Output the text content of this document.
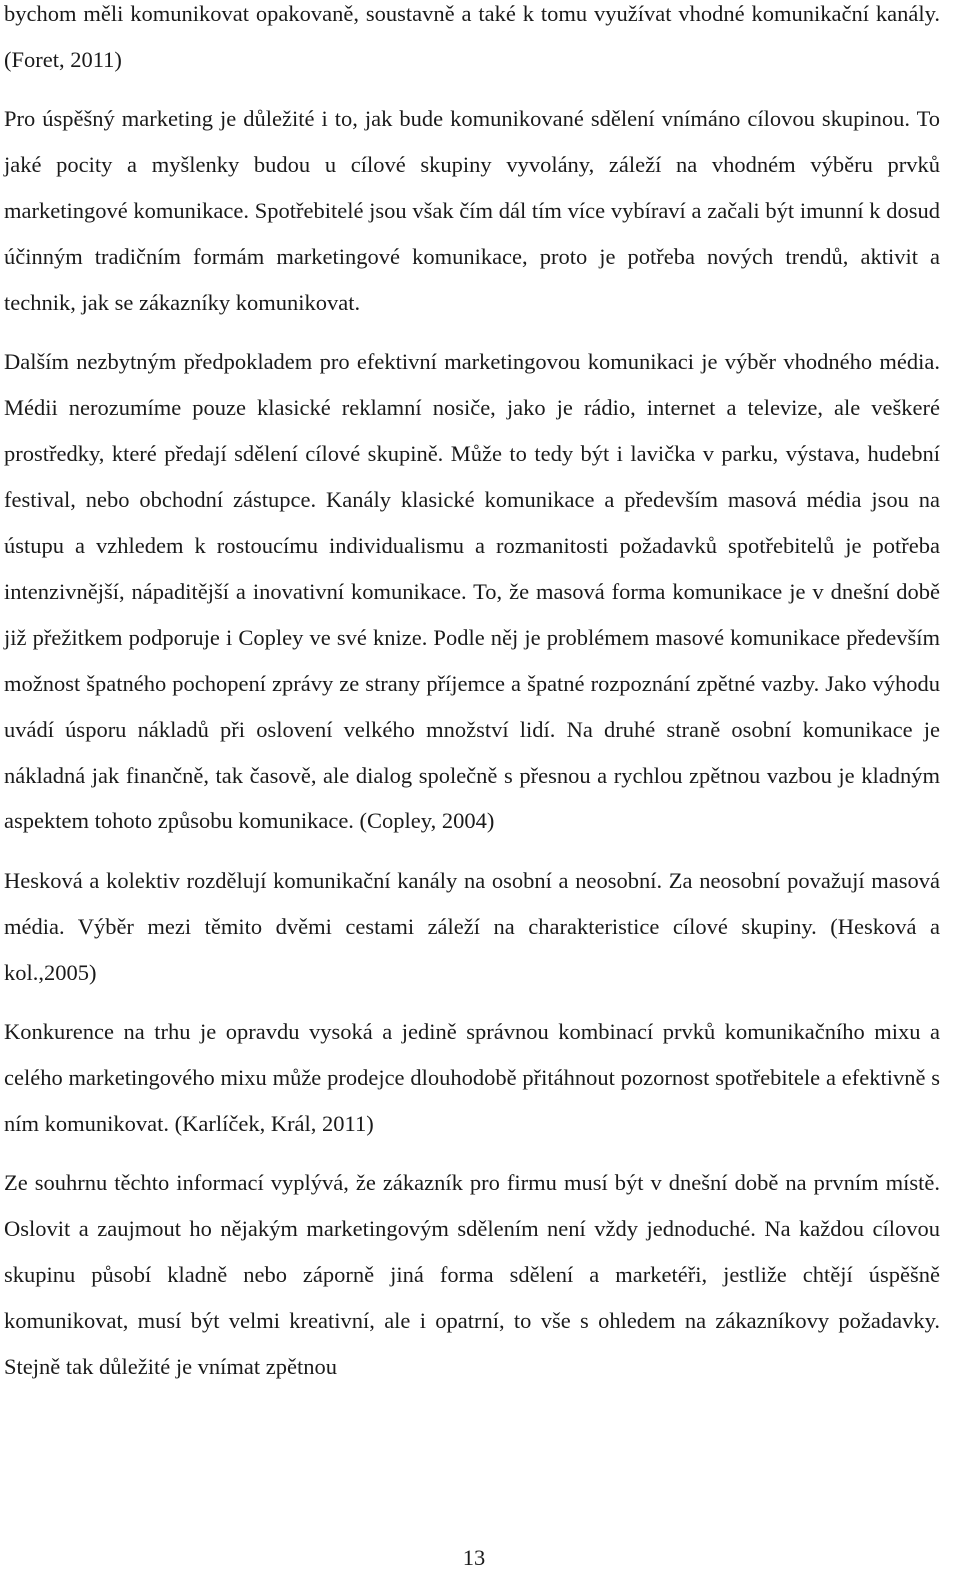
bychom měli komunikovat opakovaně, soustavně a také k tomu využívat vhodné komunikační kanály. (Foret, 2011)

Pro úspěšný marketing je důležité i to, jak bude komunikované sdělení vnímáno cílovou skupinou. To jaké pocity a myšlenky budou u cílové skupiny vyvolány, záleží na vhodném výběru prvků marketingové komunikace. Spotřebitelé jsou však čím dál tím více vybíraví a začali být imunní k dosud účinným tradičním formám marketingové komunikace, proto je potřeba nových trendů, aktivit a technik, jak se zákazníky komunikovat.

Dalším nezbytným předpokladem pro efektivní marketingovou komunikaci je výběr vhodného média. Médii nerozumíme pouze klasické reklamní nosiče, jako je rádio, internet a televize, ale veškeré prostředky, které předají sdělení cílové skupině. Může to tedy být i lavička v parku, výstava, hudební festival, nebo obchodní zástupce. Kanály klasické komunikace a především masová média jsou na ústupu a vzhledem k rostoucímu individualismu a rozmanitosti požadavků spotřebitelů je potřeba intenzivnější, nápaditější a inovativní komunikace. To, že masová forma komunikace je v dnešní době již přežitkem podporuje i Copley ve své knize. Podle něj je problémem masové komunikace především možnost špatného pochopení zprávy ze strany příjemce a špatné rozpoznání zpětné vazby. Jako výhodu uvádí úsporu nákladů při oslovení velkého množství lidí. Na druhé straně osobní komunikace je nákladná jak finančně, tak časově, ale dialog společně s přesnou a rychlou zpětnou vazbou je kladným aspektem tohoto způsobu komunikace. (Copley, 2004)

Hesková a kolektiv rozdělují komunikační kanály na osobní a neosobní. Za neosobní považují masová média. Výběr mezi těmito dvěmi cestami záleží na charakteristice cílové skupiny. (Hesková a kol.,2005)

Konkurence na trhu je opravdu vysoká a jedině správnou kombinací prvků komunikačního mixu a celého marketingového mixu může prodejce dlouhodobě přitáhnout pozornost spotřebitele a efektivně s ním komunikovat. (Karlíček, Král, 2011)

Ze souhrnu těchto informací vyplývá, že zákazník pro firmu musí být v dnešní době na prvním místě. Oslovit a zaujmout ho nějakým marketingovým sdělením není vždy jednoduché. Na každou cílovou skupinu působí kladně nebo záporně jiná forma sdělení a marketéři, jestliže chtějí úspěšně komunikovat, musí být velmi kreativní, ale i opatrní, to vše s ohledem na zákazníkovy požadavky. Stejně tak důležité je vnímat zpětnou

13
